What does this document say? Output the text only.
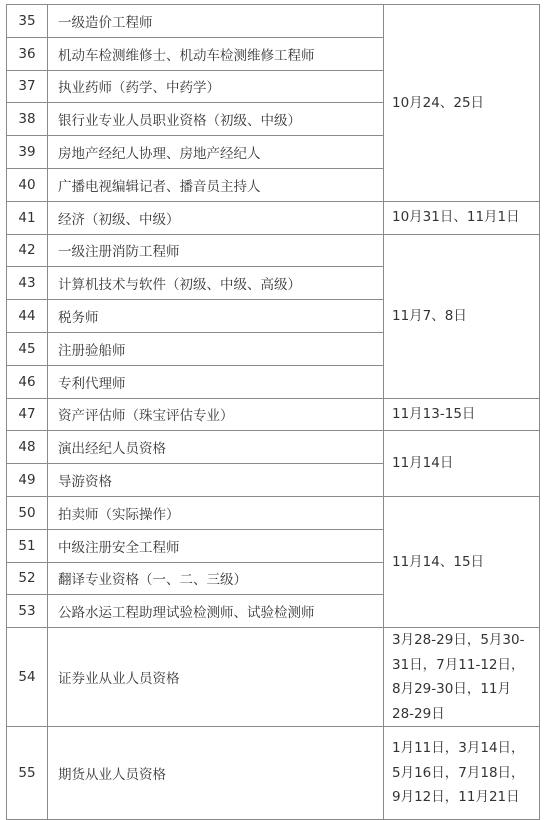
35	一级造价工程师	10月24、25日
36	机动车检测维修士、机动车检测维修工程师	
37	执业药师（药学、中药学）	
38	银行业专业人员职业资格（初级、中级）	
39	房地产经纪人协理、房地产经纪人	
40	广播电视编辑记者、播音员主持人	
41	经济（初级、中级）	10月31日、11月1日
42	一级注册消防工程师	11月7、8日
43	计算机技术与软件（初级、中级、高级）	
44	税务师	
45	注册验船师	
46	专利代理师	
47	资产评估师（珠宝评估专业）	11月13-15日
48	演出经纪人员资格	11月14日
49	导游资格	
50	拍卖师（实际操作）	11月14、15日
51	中级注册安全工程师	
52	翻译专业资格（一、二、三级）	
53	公路水运工程助理试验检测师、试验检测师	
54	证券业从业人员资格	3月28-29日，5月30-31日，7月11-12日，8月29-30日，11月28-29日
55	期货从业人员资格	1月11日，3月14日，5月16日，7月18日，9月12日，11月21日
